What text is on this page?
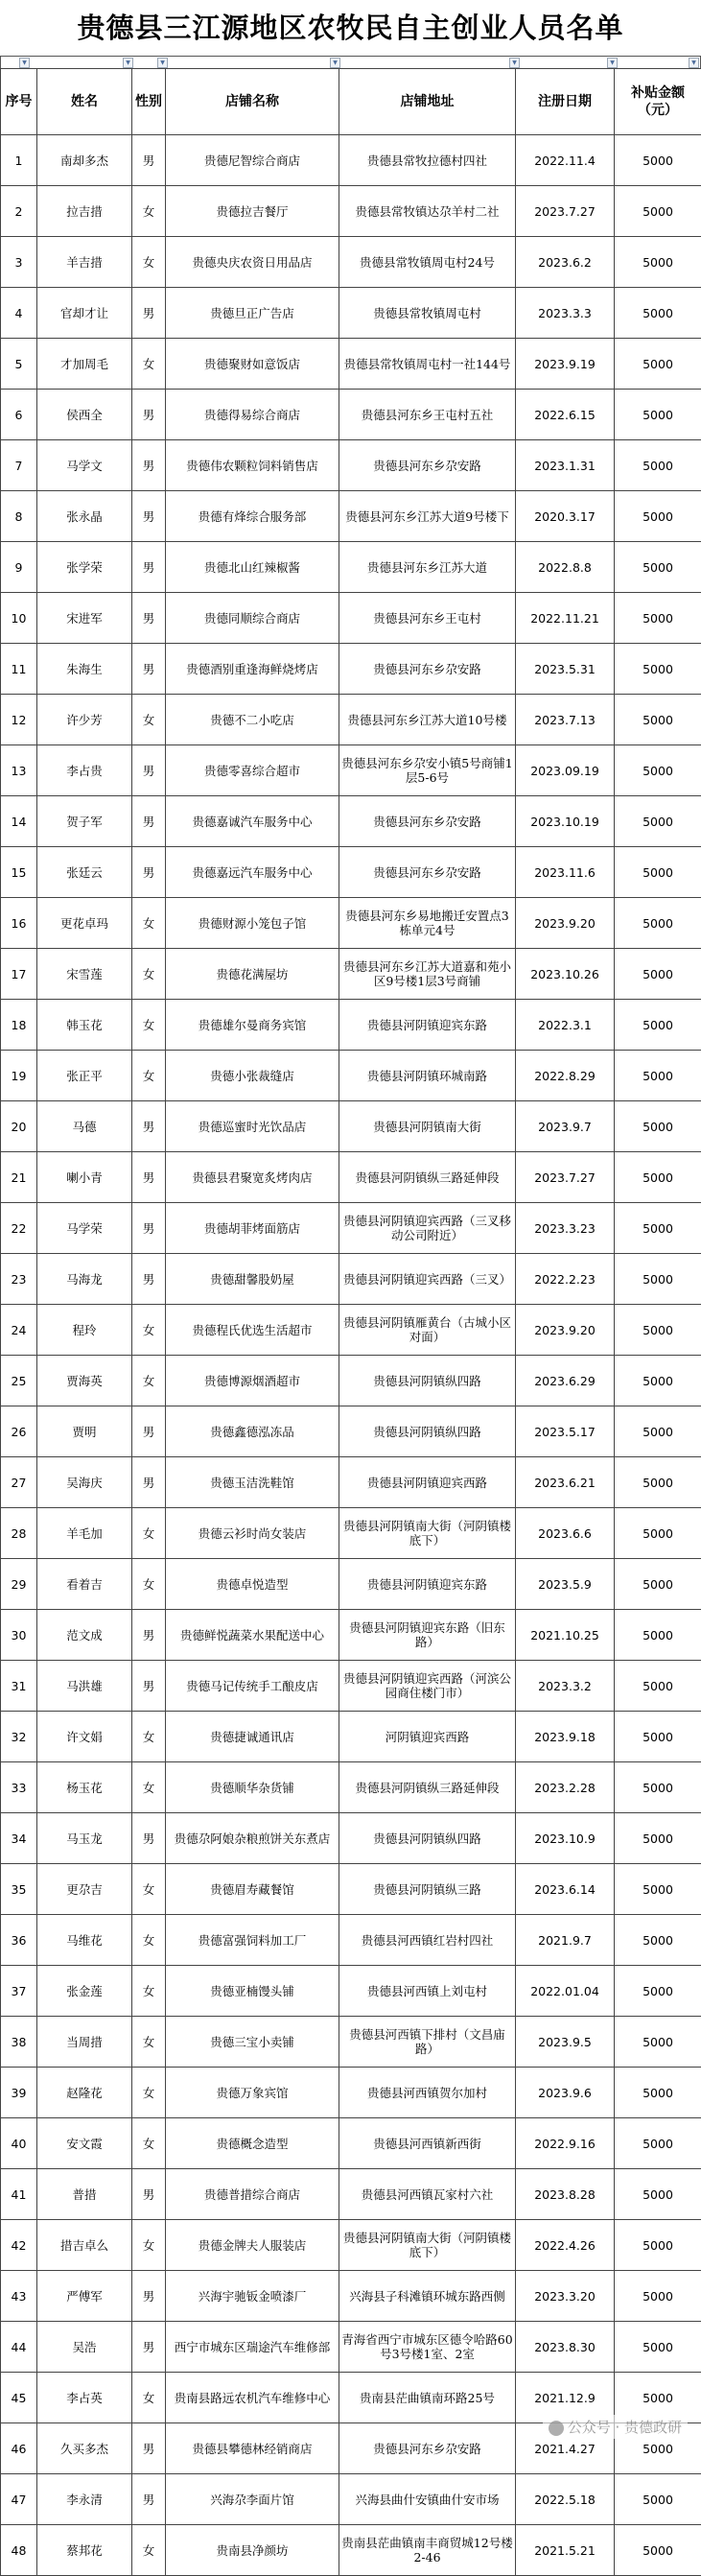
贵德县三江源地区农牧民自主创业人员名单
▼	▼	▼	▼	▼	▼	▼
序号	姓名	性别	店铺名称	店铺地址	注册日期	补贴金额（元）
1	南却多杰	男	贵德尼智综合商店	贵德县常牧拉德村四社	2022.11.4	5000
2	拉吉措	女	贵德拉吉餐厅	贵德县常牧镇达尕羊村二社	2023.7.27	5000
3	羊吉措	女	贵德央庆农资日用品店	贵德县常牧镇周屯村24号	2023.6.2	5000
4	官却才让	男	贵德旦正广告店	贵德县常牧镇周屯村	2023.3.3	5000
5	才加周毛	女	贵德聚财如意饭店	贵德县常牧镇周屯村一社144号	2023.9.19	5000
6	侯西全	男	贵德得易综合商店	贵德县河东乡王屯村五社	2022.6.15	5000
7	马学文	男	贵德伟农颗粒饲料销售店	贵德县河东乡尕安路	2023.1.31	5000
8	张永晶	男	贵德有烽综合服务部	贵德县河东乡江苏大道9号楼下	2020.3.17	5000
9	张学荣	男	贵德北山红辣椒酱	贵德县河东乡江苏大道	2022.8.8	5000
10	宋进军	男	贵德同顺综合商店	贵德县河东乡王屯村	2022.11.21	5000
11	朱海生	男	贵德酒别重逢海鲜烧烤店	贵德县河东乡尕安路	2023.5.31	5000
12	许少芳	女	贵德不二小吃店	贵德县河东乡江苏大道10号楼	2023.7.13	5000
13	李占贵	男	贵德零喜综合超市	贵德县河东乡尕安小镇5号商铺1层5-6号	2023.09.19	5000
14	贺子军	男	贵德嘉诚汽车服务中心	贵德县河东乡尕安路	2023.10.19	5000
15	张廷云	男	贵德嘉远汽车服务中心	贵德县河东乡尕安路	2023.11.6	5000
16	更花卓玛	女	贵德财源小笼包子馆	贵德县河东乡易地搬迁安置点3栋单元4号	2023.9.20	5000
17	宋雪莲	女	贵德花满屋坊	贵德县河东乡江苏大道嘉和苑小区9号楼1层3号商铺	2023.10.26	5000
18	韩玉花	女	贵德雄尔曼商务宾馆	贵德县河阴镇迎宾东路	2022.3.1	5000
19	张正平	女	贵德小张裁缝店	贵德县河阴镇环城南路	2022.8.29	5000
20	马德	男	贵德巡蜜时光饮品店	贵德县河阴镇南大街	2023.9.7	5000
21	喇小青	男	贵德县君聚宽炙烤肉店	贵德县河阴镇纵三路延伸段	2023.7.27	5000
22	马学荣	男	贵德胡菲烤面筋店	贵德县河阴镇迎宾西路（三叉移动公司附近）	2023.3.23	5000
23	马海龙	男	贵德甜馨股奶屋	贵德县河阴镇迎宾西路（三叉）	2022.2.23	5000
24	程玲	女	贵德程氏优选生活超市	贵德县河阴镇雁黄台（古城小区对面）	2023.9.20	5000
25	贾海英	女	贵德博源烟酒超市	贵德县河阴镇纵四路	2023.6.29	5000
26	贾明	男	贵德鑫德泓冻品	贵德县河阴镇纵四路	2023.5.17	5000
27	吴海庆	男	贵德玉洁洗鞋馆	贵德县河阴镇迎宾西路	2023.6.21	5000
28	羊毛加	女	贵德云衫时尚女装店	贵德县河阴镇南大街（河阴镇楼底下）	2023.6.6	5000
29	看着吉	女	贵德卓悦造型	贵德县河阴镇迎宾东路	2023.5.9	5000
30	范文成	男	贵德鲜悦蔬菜水果配送中心	贵德县河阴镇迎宾东路（旧东路）	2021.10.25	5000
31	马洪雄	男	贵德马记传统手工酿皮店	贵德县河阴镇迎宾西路（河滨公园商住楼门市）	2023.3.2	5000
32	许文娟	女	贵德捷诚通讯店	河阴镇迎宾西路	2023.9.18	5000
33	杨玉花	女	贵德顺华杂货铺	贵德县河阴镇纵三路延伸段	2023.2.28	5000
34	马玉龙	男	贵德尕阿娘杂粮煎饼关东煮店	贵德县河阴镇纵四路	2023.10.9	5000
35	更尕吉	女	贵德眉寿藏餐馆	贵德县河阴镇纵三路	2023.6.14	5000
36	马维花	女	贵德富强饲料加工厂	贵德县河西镇红岩村四社	2021.9.7	5000
37	张金莲	女	贵德亚楠馒头铺	贵德县河西镇上刘屯村	2022.01.04	5000
38	当周措	女	贵德三宝小卖铺	贵德县河西镇下排村（文昌庙路）	2023.9.5	5000
39	赵隆花	女	贵德万象宾馆	贵德县河西镇贺尔加村	2023.9.6	5000
40	安文霞	女	贵德概念造型	贵德县河西镇新西街	2022.9.16	5000
41	普措	男	贵德普措综合商店	贵德县河西镇瓦家村六社	2023.8.28	5000
42	措吉卓么	女	贵德金牌夫人服装店	贵德县河阴镇南大街（河阴镇楼底下）	2022.4.26	5000
43	严傅军	男	兴海宇驰钣金喷漆厂	兴海县子科滩镇环城东路西侧	2023.3.20	5000
44	吴浩	男	西宁市城东区瑞途汽车维修部	青海省西宁市城东区德令哈路60号3号楼1室、2室	2023.8.30	5000
45	李占英	女	贵南县路远农机汽车维修中心	贵南县茫曲镇南环路25号	2021.12.9	5000
46	久买多杰	男	贵德县攀德林经销商店	贵德县河东乡尕安路	2021.4.27	5000
47	李永清	男	兴海尕李面片馆	兴海县曲什安镇曲什安市场	2022.5.18	5000
48	蔡邦花	女	贵南县净颜坊	贵南县茫曲镇南丰商贸城12号楼2-46	2021.5.21	5000
公众号 · 贵德政研
